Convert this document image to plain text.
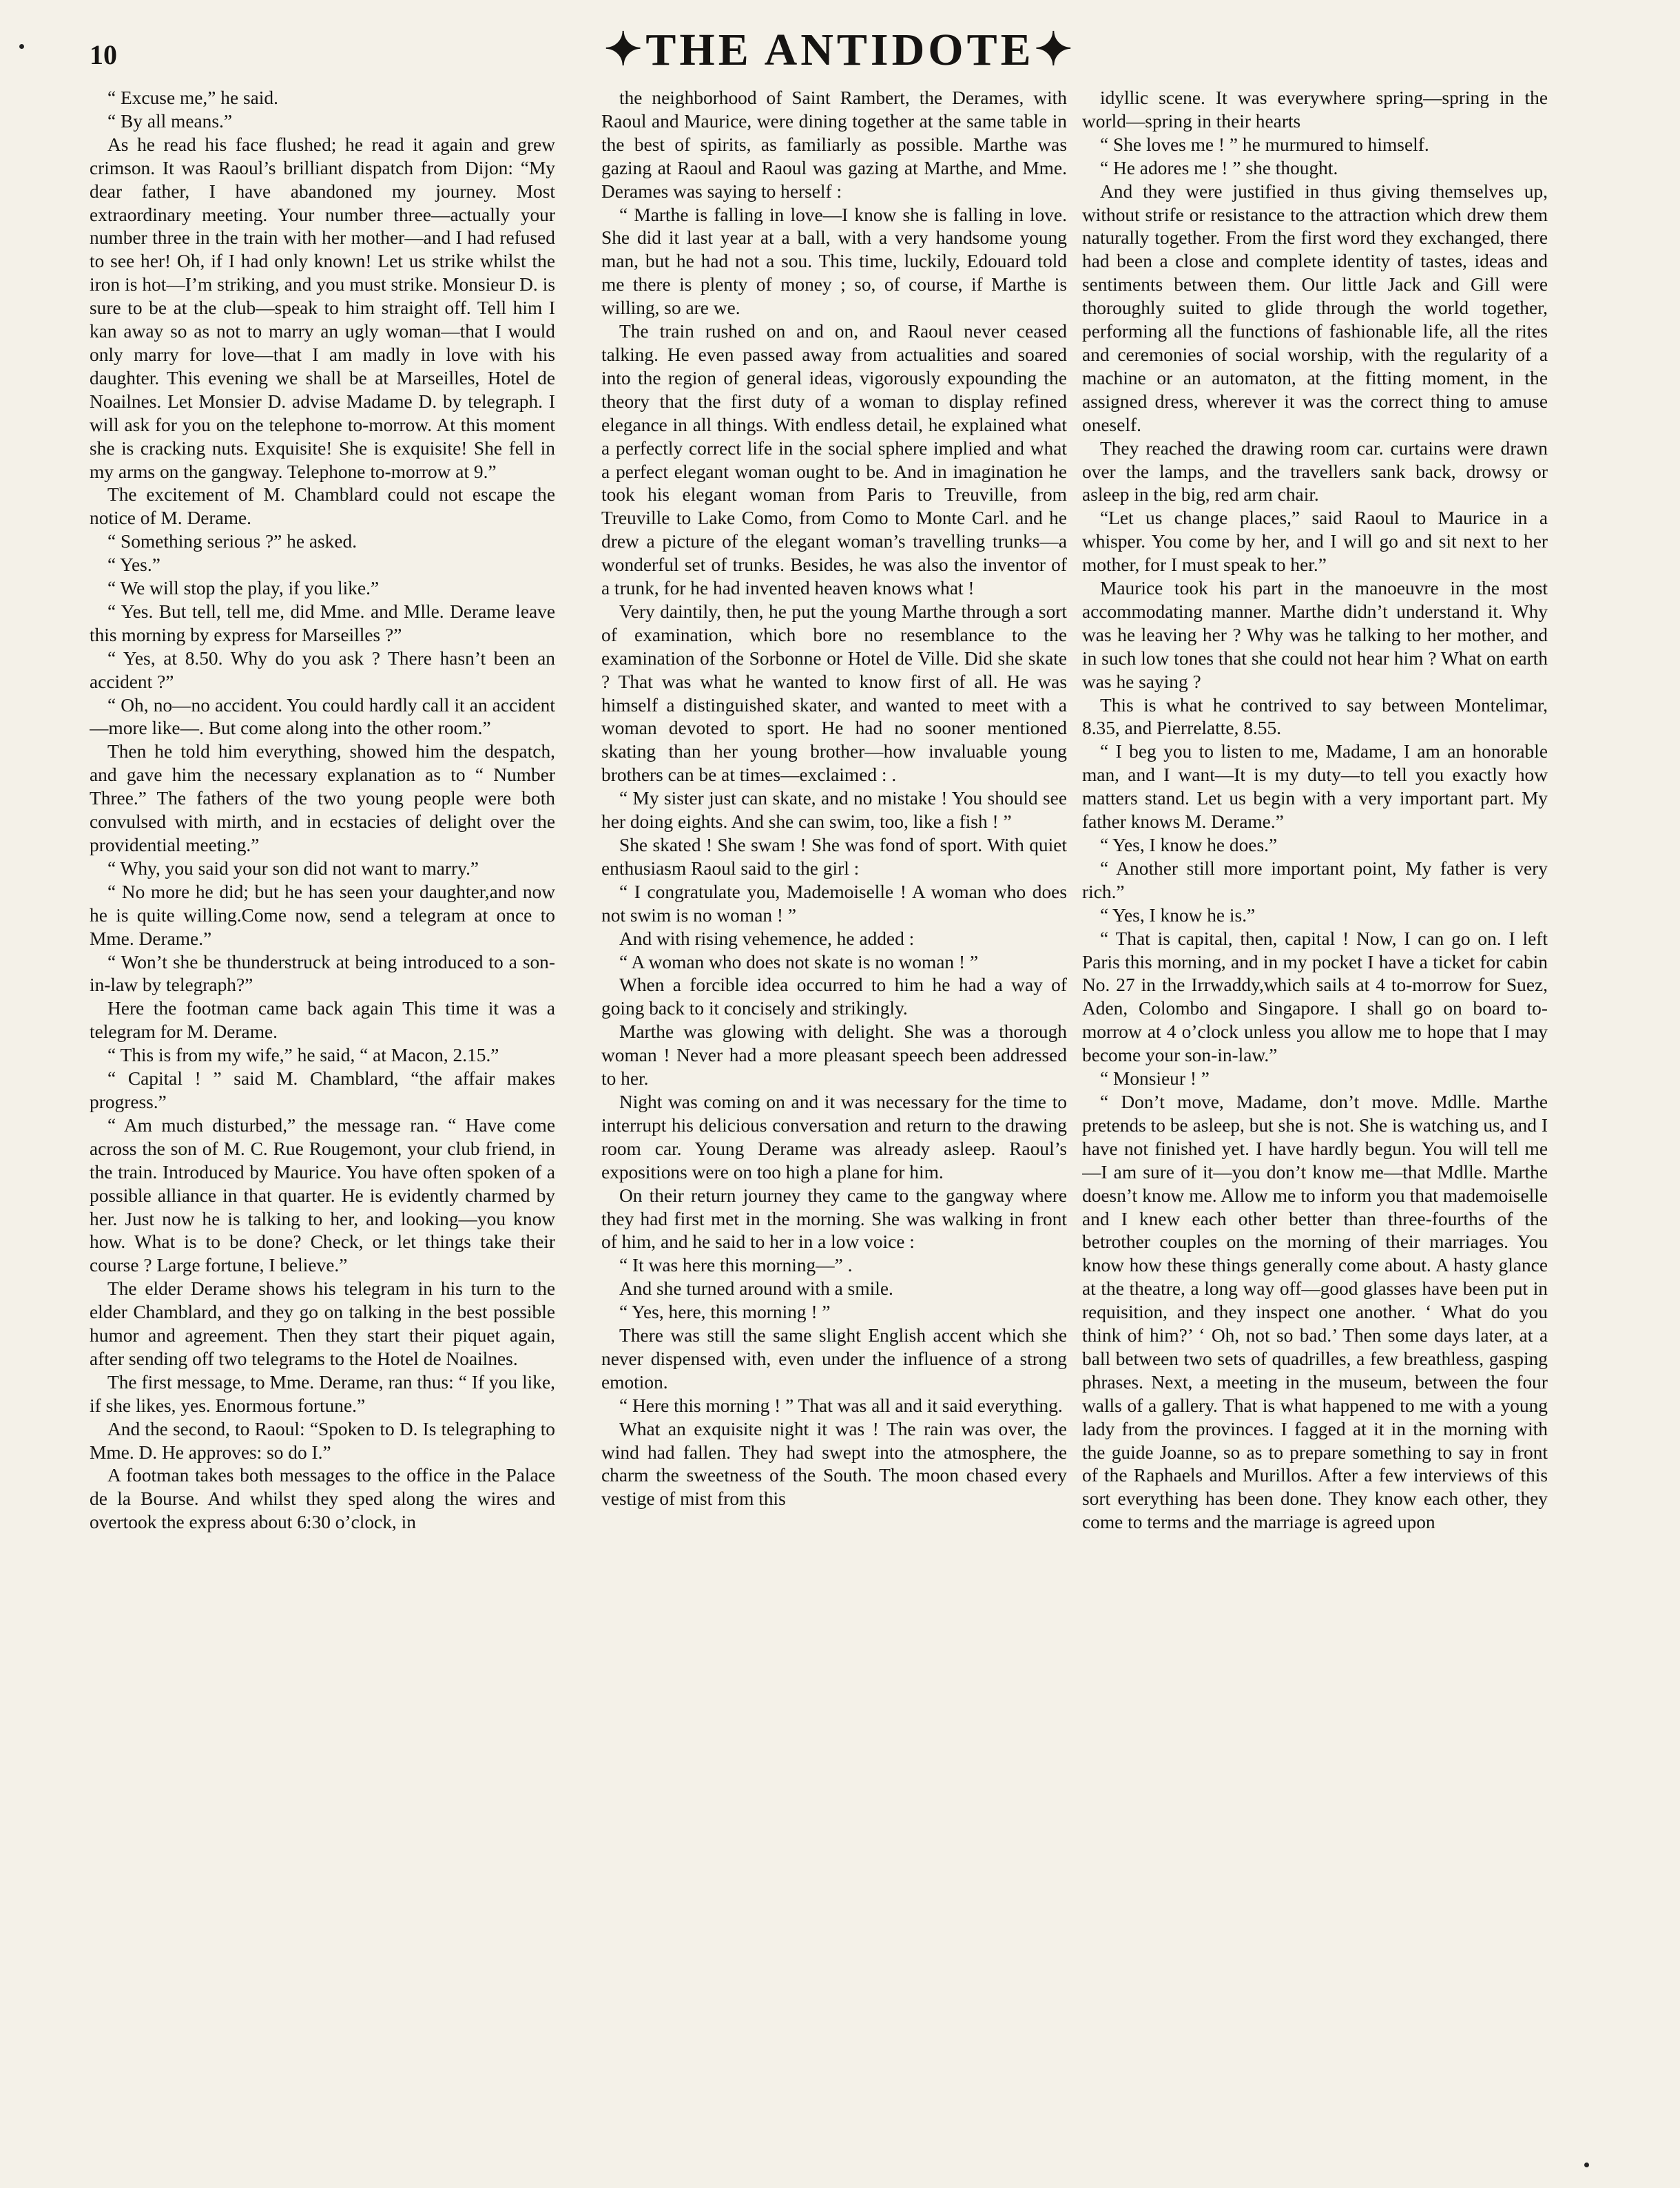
10	✦THE ANTIDOTE✦

“ Excuse me,” he said.

“ By all means.”

As he read his face flushed; he read it again and grew crimson. It was Raoul’s brilliant dispatch from Dijon: “My dear father, I have abandoned my journey. Most extraordinary meeting. Your number three—actually your number three in the train with her mother—and I had refused to see her! Oh, if I had only known! Let us strike whilst the iron is hot—I’m striking, and you must strike. Monsieur D. is sure to be at the club—speak to him straight off. Tell him I kan away so as not to marry an ugly woman—that I would only marry for love—that I am madly in love with his daughter. This evening we shall be at Marseilles, Hotel de Noailnes. Let Monsier D. advise Madame D. by telegraph. I will ask for you on the telephone to-morrow. At this moment she is cracking nuts. Exquisite! She is exquisite! She fell in my arms on the gangway. Telephone to-morrow at 9.”

The excitement of M. Chamblard could not escape the notice of M. Derame.

“ Something serious ?” he asked.

“ Yes.”

“ We will stop the play, if you like.”

“ Yes. But tell, tell me, did Mme. and Mlle. Derame leave this morning by express for Marseilles ?”

“ Yes, at 8.50. Why do you ask ? There hasn’t been an accident ?”

“ Oh, no—no accident. You could hardly call it an accident—more like—. But come along into the other room.”

Then he told him everything, showed him the despatch, and gave him the necessary explanation as to “ Number Three.” The fathers of the two young people were both convulsed with mirth, and in ecstacies of delight over the providential meeting.”

“ Why, you said your son did not want to marry.”

“ No more he did; but he has seen your daughter,and now he is quite willing.Come now, send a telegram at once to Mme. Derame.”

“ Won’t she be thunderstruck at being introduced to a son-in-law by telegraph?”

Here the footman came back again This time it was a telegram for M. Derame.

“ This is from my wife,” he said, “ at Macon, 2.15.”

“ Capital ! ” said M. Chamblard, “the affair makes progress.”

“ Am much disturbed,” the message ran. “ Have come across the son of M. C. Rue Rougemont, your club friend, in the train. Introduced by Maurice. You have often spoken of a possible alliance in that quarter. He is evidently charmed by her. Just now he is talking to her, and looking—you know how. What is to be done? Check, or let things take their course ? Large fortune, I believe.”

The elder Derame shows his telegram in his turn to the elder Chamblard, and they go on talking in the best possible humor and agreement. Then they start their piquet again, after sending off two telegrams to the Hotel de Noailnes.

The first message, to Mme. Derame, ran thus: “ If you like, if she likes, yes. Enormous fortune.”

And the second, to Raoul: “Spoken to D. Is telegraphing to Mme. D. He approves: so do I.”

A footman takes both messages to the office in the Palace de la Bourse. And whilst they sped along the wires and overtook the express about 6:30 o’clock, in

the neighborhood of Saint Rambert, the Derames, with Raoul and Maurice, were dining together at the same table in the best of spirits, as familiarly as possible. Marthe was gazing at Raoul and Raoul was gazing at Marthe, and Mme. Derames was saying to herself :

“ Marthe is falling in love—I know she is falling in love. She did it last year at a ball, with a very handsome young man, but he had not a sou. This time, luckily, Edouard told me there is plenty of money ; so, of course, if Marthe is willing, so are we.

The train rushed on and on, and Raoul never ceased talking. He even passed away from actualities and soared into the region of general ideas, vigorously expounding the theory that the first duty of a woman to display refined elegance in all things. With endless detail, he explained what a perfectly correct life in the social sphere implied and what a perfect elegant woman ought to be. And in imagination he took his elegant woman from Paris to Treuville, from Treuville to Lake Como, from Como to Monte Carl. and he drew a picture of the elegant woman’s travelling trunks—a wonderful set of trunks. Besides, he was also the inventor of a trunk, for he had invented heaven knows what !

Very daintily, then, he put the young Marthe through a sort of examination, which bore no resemblance to the examination of the Sorbonne or Hotel de Ville. Did she skate ? That was what he wanted to know first of all. He was himself a distinguished skater, and wanted to meet with a woman devoted to sport. He had no sooner mentioned skating than her young brother—how invaluable young brothers can be at times—exclaimed : .

“ My sister just can skate, and no mistake ! You should see her doing eights. And she can swim, too, like a fish ! ”

She skated ! She swam ! She was fond of sport. With quiet enthusiasm Raoul said to the girl :

“ I congratulate you, Mademoiselle ! A woman who does not swim is no woman ! ”

And with rising vehemence, he added :

“ A woman who does not skate is no woman ! ”

When a forcible idea occurred to him he had a way of going back to it concisely and strikingly.

Marthe was glowing with delight. She was a thorough woman ! Never had a more pleasant speech been addressed to her.

Night was coming on and it was necessary for the time to interrupt his delicious conversation and return to the drawing room car. Young Derame was already asleep. Raoul’s expositions were on too high a plane for him.

On their return journey they came to the gangway where they had first met in the morning. She was walking in front of him, and he said to her in a low voice :

“ It was here this morning—” .

And she turned around with a smile.

“ Yes, here, this morning ! ”

There was still the same slight English accent which she never dispensed with, even under the influence of a strong emotion.

“ Here this morning ! ” That was all and it said everything.

What an exquisite night it was ! The rain was over, the wind had fallen. They had swept into the atmosphere, the charm the sweetness of the South. The moon chased every vestige of mist from this

idyllic scene. It was everywhere spring—spring in the world—spring in their hearts

“ She loves me ! ” he murmured to himself.

“ He adores me ! ” she thought.

And they were justified in thus giving themselves up, without strife or resistance to the attraction which drew them naturally together. From the first word they exchanged, there had been a close and complete identity of tastes, ideas and sentiments between them. Our little Jack and Gill were thoroughly suited to glide through the world together, performing all the functions of fashionable life, all the rites and ceremonies of social worship, with the regularity of a machine or an automaton, at the fitting moment, in the assigned dress, wherever it was the correct thing to amuse oneself.

They reached the drawing room car. curtains were drawn over the lamps, and the travellers sank back, drowsy or asleep in the big, red arm chair.

“Let us change places,” said Raoul to Maurice in a whisper. You come by her, and I will go and sit next to her mother, for I must speak to her.”

Maurice took his part in the manoeuvre in the most accommodating manner. Marthe didn’t understand it. Why was he leaving her ? Why was he talking to her mother, and in such low tones that she could not hear him ? What on earth was he saying ?

This is what he contrived to say between Montelimar, 8.35, and Pierrelatte, 8.55.

“ I beg you to listen to me, Madame, I am an honorable man, and I want—It is my duty—to tell you exactly how matters stand. Let us begin with a very important part. My father knows M. Derame.”

“ Yes, I know he does.”

“ Another still more important point, My father is very rich.”

“ Yes, I know he is.”

“ That is capital, then, capital ! Now, I can go on. I left Paris this morning, and in my pocket I have a ticket for cabin No. 27 in the Irrwaddy,which sails at 4 to-morrow for Suez, Aden, Colombo and Singapore. I shall go on board to-morrow at 4 o’clock unless you allow me to hope that I may become your son-in-law.”

“ Monsieur ! ”

“ Don’t move, Madame, don’t move. Mdlle. Marthe pretends to be asleep, but she is not. She is watching us, and I have not finished yet. I have hardly begun. You will tell me—I am sure of it—you don’t know me—that Mdlle. Marthe doesn’t know me. Allow me to inform you that mademoiselle and I knew each other better than three-fourths of the betrother couples on the morning of their marriages. You know how these things generally come about. A hasty glance at the theatre, a long way off—good glasses have been put in requisition, and they inspect one another. ‘ What do you think of him?’ ‘ Oh, not so bad.’ Then some days later, at a ball between two sets of quadrilles, a few breathless, gasping phrases. Next, a meeting in the museum, between the four walls of a gallery. That is what happened to me with a young lady from the provinces. I fagged at it in the morning with the guide Joanne, so as to prepare something to say in front of the Raphaels and Murillos. After a few interviews of this sort everything has been done. They know each other, they come to terms and the marriage is agreed upon
